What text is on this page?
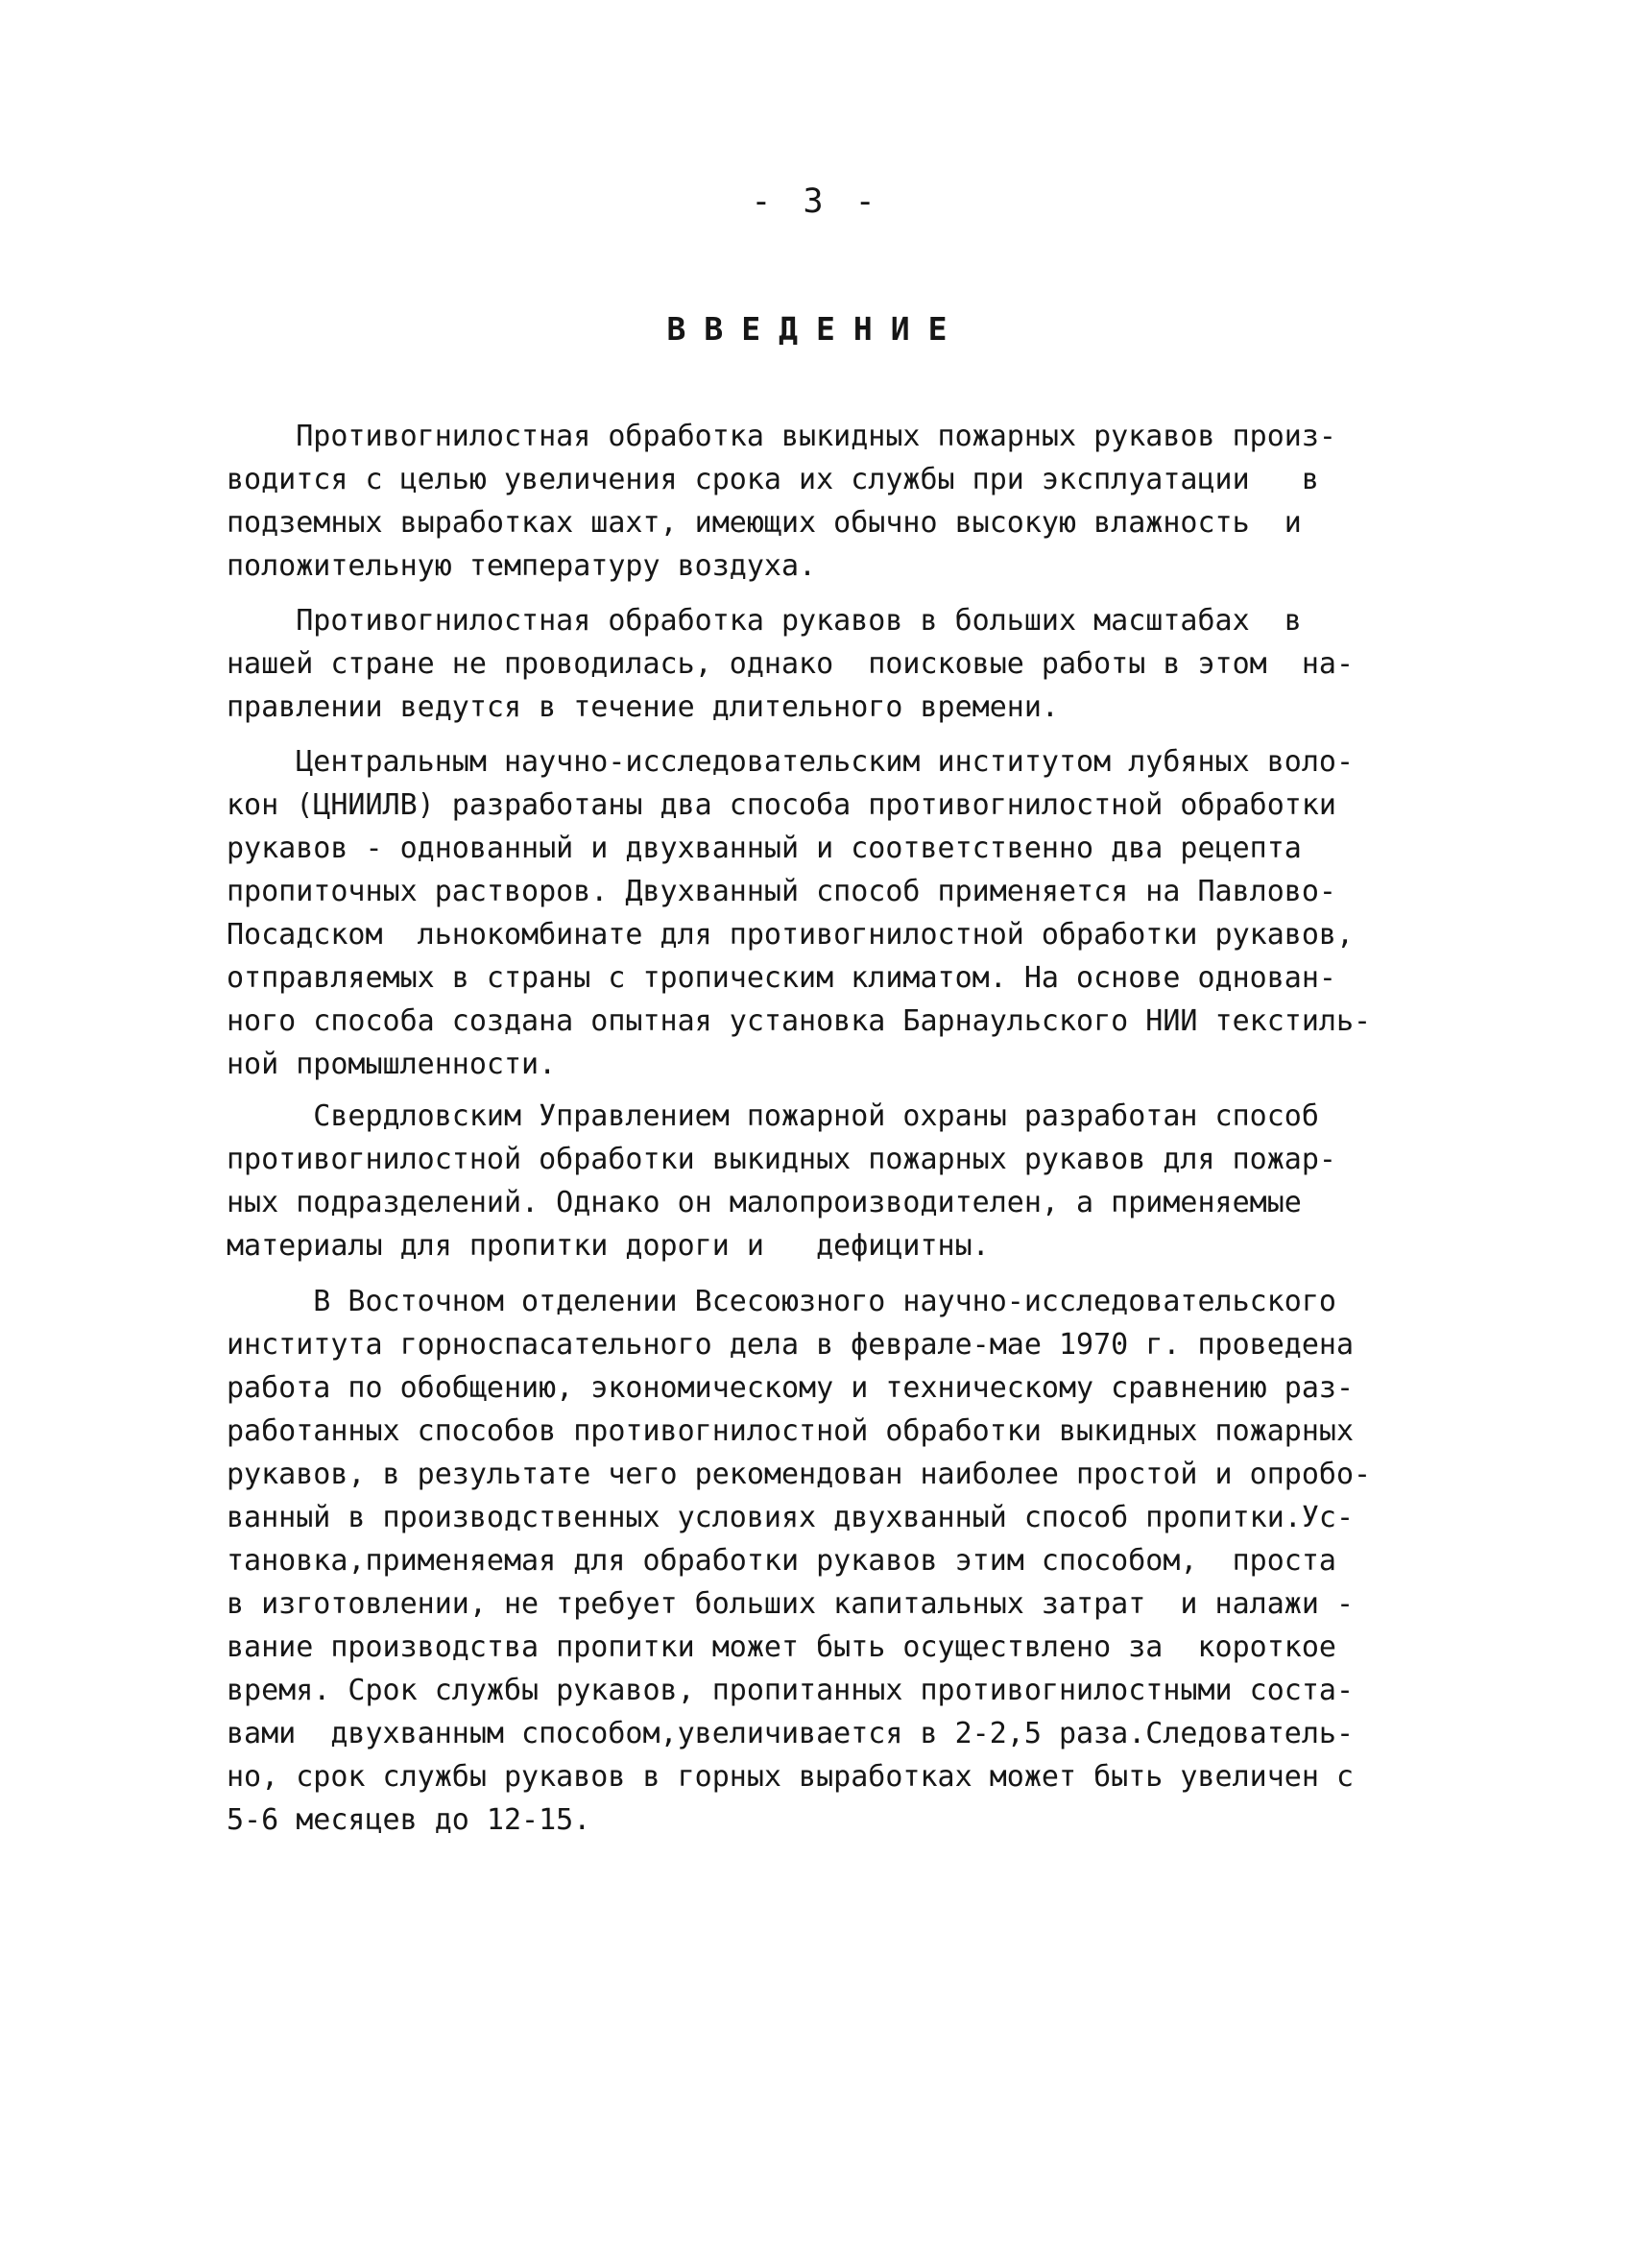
- 3 -
ВВЕДЕНИЕ
Противогнилостная обработка выкидных пожарных рукавов произ-
водится с целью увеличения срока их службы при эксплуатации   в
подземных выработках шахт, имеющих обычно высокую влажность  и
положительную температуру воздуха.
Противогнилостная обработка рукавов в больших масштабах  в
нашей стране не проводилась, однако  поисковые работы в этом  на-
правлении ведутся в течение длительного времени.
Центральным научно-исследовательским институтом лубяных воло-
кон (ЦНИИЛВ) разработаны два способа противогнилостной обработки
рукавов - однованный и двухванный и соответственно два рецепта
пропиточных растворов. Двухванный способ применяется на Павлово-
Посадском  льнокомбинате для противогнилостной обработки рукавов,
отправляемых в страны с тропическим климатом. На основе однован-
ного способа создана опытная установка Барнаульского НИИ текстиль-
ной промышленности.
Свердловским Управлением пожарной охраны разработан способ
противогнилостной обработки выкидных пожарных рукавов для пожар-
ных подразделений. Однако он малопроизводителен, а применяемые
материалы для пропитки дороги и   дефицитны.
В Восточном отделении Всесоюзного научно-исследовательского
института горноспасательного дела в феврале-мае 1970 г. проведена
работа по обобщению, экономическому и техническому сравнению раз-
работанных способов противогнилостной обработки выкидных пожарных
рукавов, в результате чего рекомендован наиболее простой и опробо-
ванный в производственных условиях двухванный способ пропитки.Ус-
тановка,применяемая для обработки рукавов этим способом,  проста
в изготовлении, не требует больших капитальных затрат  и налажи -
вание производства пропитки может быть осуществлено за  короткое
время. Срок службы рукавов, пропитанных противогнилостными соста-
вами  двухванным способом,увеличивается в 2-2,5 раза.Следователь-
но, срок службы рукавов в горных выработках может быть увеличен с
5-6 месяцев до 12-15.
